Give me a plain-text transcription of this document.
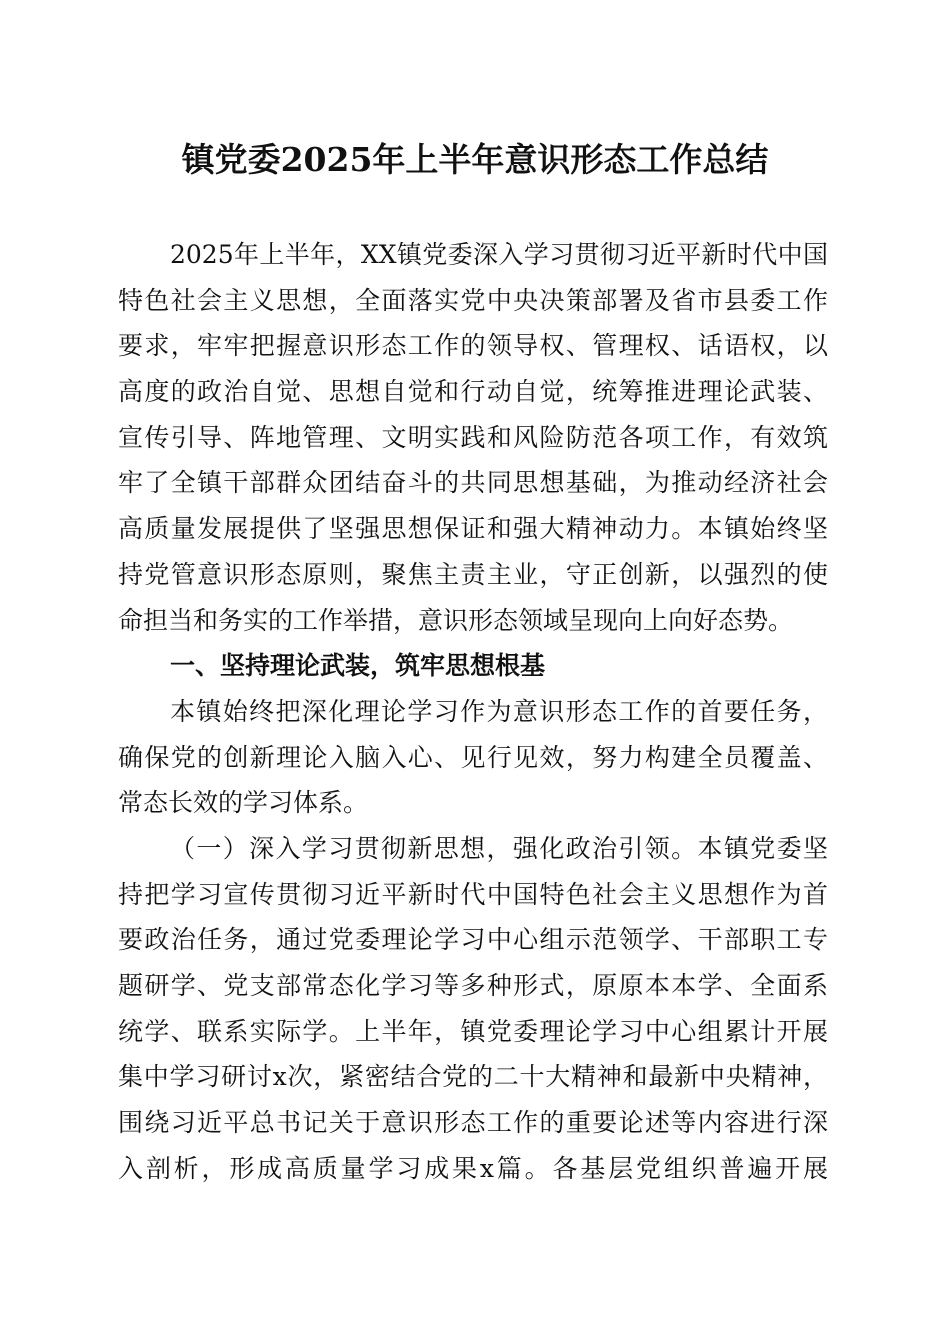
镇党委2025年上半年意识形态工作总结
2025年上半年，XX镇党委深入学习贯彻习近平新时代中国
特色社会主义思想，全面落实党中央决策部署及省市县委工作
要求，牢牢把握意识形态工作的领导权、管理权、话语权，以
高度的政治自觉、思想自觉和行动自觉，统筹推进理论武装、
宣传引导、阵地管理、文明实践和风险防范各项工作，有效筑
牢了全镇干部群众团结奋斗的共同思想基础，为推动经济社会
高质量发展提供了坚强思想保证和强大精神动力。本镇始终坚
持党管意识形态原则，聚焦主责主业，守正创新，以强烈的使
命担当和务实的工作举措，意识形态领域呈现向上向好态势。
一、坚持理论武装，筑牢思想根基
本镇始终把深化理论学习作为意识形态工作的首要任务，
确保党的创新理论入脑入心、见行见效，努力构建全员覆盖、
常态长效的学习体系。
（一）深入学习贯彻新思想，强化政治引领。本镇党委坚
持把学习宣传贯彻习近平新时代中国特色社会主义思想作为首
要政治任务，通过党委理论学习中心组示范领学、干部职工专
题研学、党支部常态化学习等多种形式，原原本本学、全面系
统学、联系实际学。上半年，镇党委理论学习中心组累计开展
集中学习研讨x次，紧密结合党的二十大精神和最新中央精神，
围绕习近平总书记关于意识形态工作的重要论述等内容进行深
入剖析，形成高质量学习成果x篇。各基层党组织普遍开展
